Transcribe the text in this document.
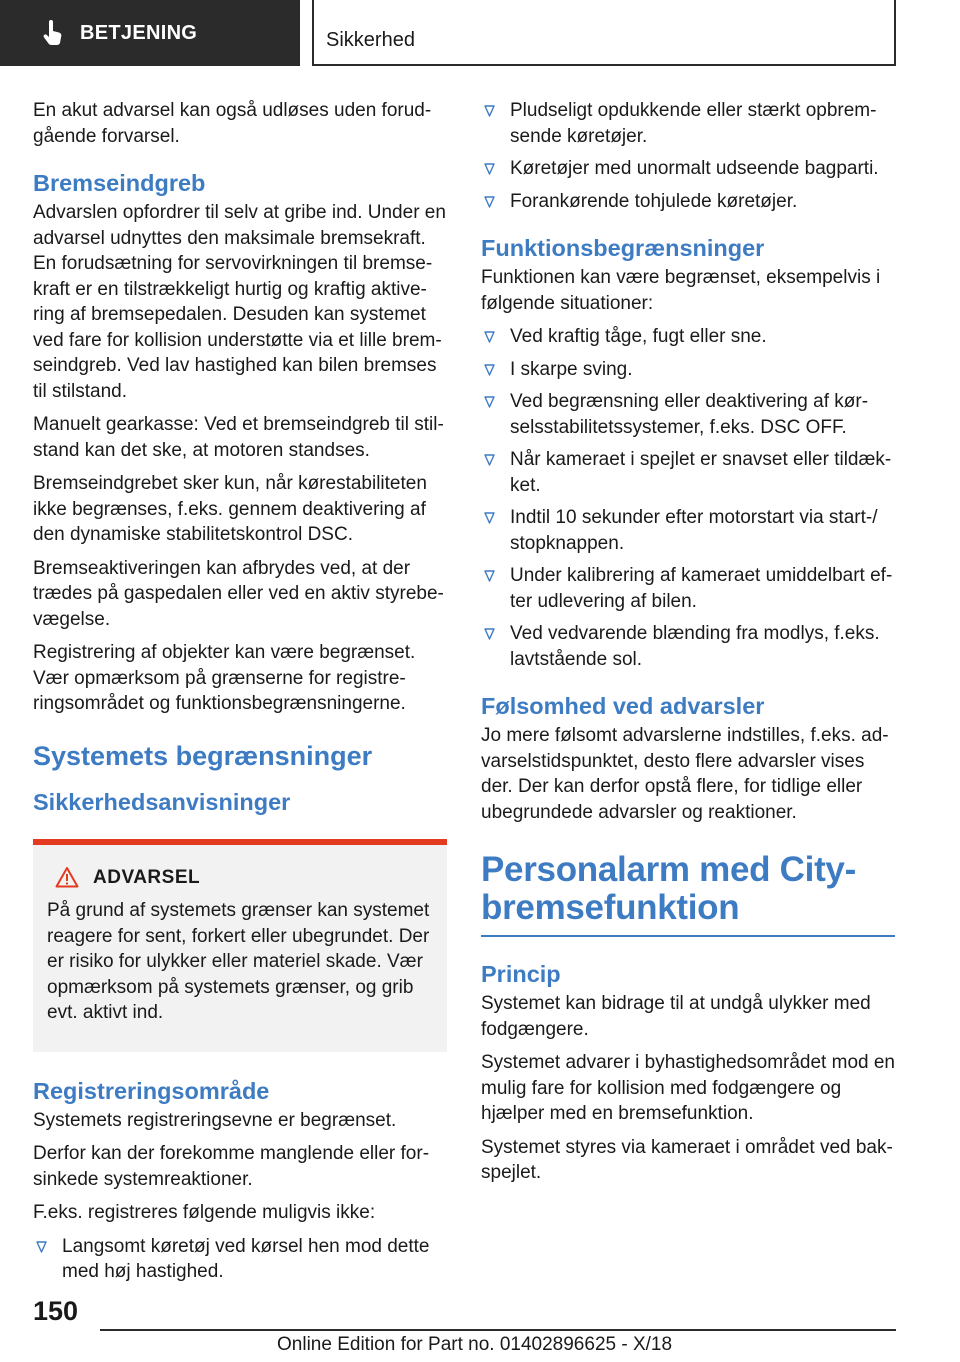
BETJENING	Sikkerhed

En akut advarsel kan også udløses uden forudgående forvarsel.

Bremseindgreb

Advarslen opfordrer til selv at gribe ind. Under en advarsel udnyttes den maksimale bremsekraft. En forudsætning for servovirkningen til bremsekraft er en tilstrækkeligt hurtig og kraftig aktivering af bremsepedalen. Desuden kan systemet ved fare for kollision understøtte via et lille bremseindgreb. Ved lav hastighed kan bilen bremses til stilstand.

Manuelt gearkasse: Ved et bremseindgreb til stilstand kan det ske, at motoren standses.

Bremseindgrebet sker kun, når kørestabiliteten ikke begrænses, f.eks. gennem deaktivering af den dynamiske stabilitetskontrol DSC.

Bremseaktiveringen kan afbrydes ved, at der trædes på gaspedalen eller ved en aktiv styrebevægelse.

Registrering af objekter kan være begrænset. Vær opmærksom på grænserne for registreringsområdet og funktionsbegrænsningerne.

Systemets begrænsninger
Sikkerhedsanvisninger
ADVARSEL

På grund af systemets grænser kan systemet reagere for sent, forkert eller ubegrundet. Der er risiko for ulykker eller materiel skade. Vær opmærksom på systemets grænser, og grib evt. aktivt ind.

Registreringsområde

Systemets registreringsevne er begrænset.

Derfor kan der forekomme manglende eller forsinkede systemreaktioner.

F.eks. registreres følgende muligvis ikke:

Langsomt køretøj ved kørsel hen mod dette med høj hastighed.
Pludseligt opdukkende eller stærkt opbremsende køretøjer.
Køretøjer med unormalt udseende bagparti.
Forankørende tohjulede køretøjer.
Funktionsbegrænsninger

Funktionen kan være begrænset, eksempelvis i følgende situationer:

Ved kraftig tåge, fugt eller sne.
I skarpe sving.
Ved begrænsning eller deaktivering af kørselsstabilitetssystemer, f.eks. DSC OFF.
Når kameraet i spejlet er snavset eller tildækket.
Indtil 10 sekunder efter motorstart via start-/ stopknappen.
Under kalibrering af kameraet umiddelbart efter udlevering af bilen.
Ved vedvarende blænding fra modlys, f.eks. lavtstående sol.
Følsomhed ved advarsler

Jo mere følsomt advarslerne indstilles, f.eks. advarselstidspunktet, desto flere advarsler vises der. Der kan derfor opstå flere, for tidlige eller ubegrundede advarsler og reaktioner.

Personalarm med City-bremsefunktion
Princip

Systemet kan bidrage til at undgå ulykker med fodgængere.

Systemet advarer i byhastighedsområdet mod en mulig fare for kollision med fodgængere og hjælper med en bremsefunktion.

Systemet styres via kameraet i området ved bakspejlet.

150
Online Edition for Part no. 01402896625 - X/18
